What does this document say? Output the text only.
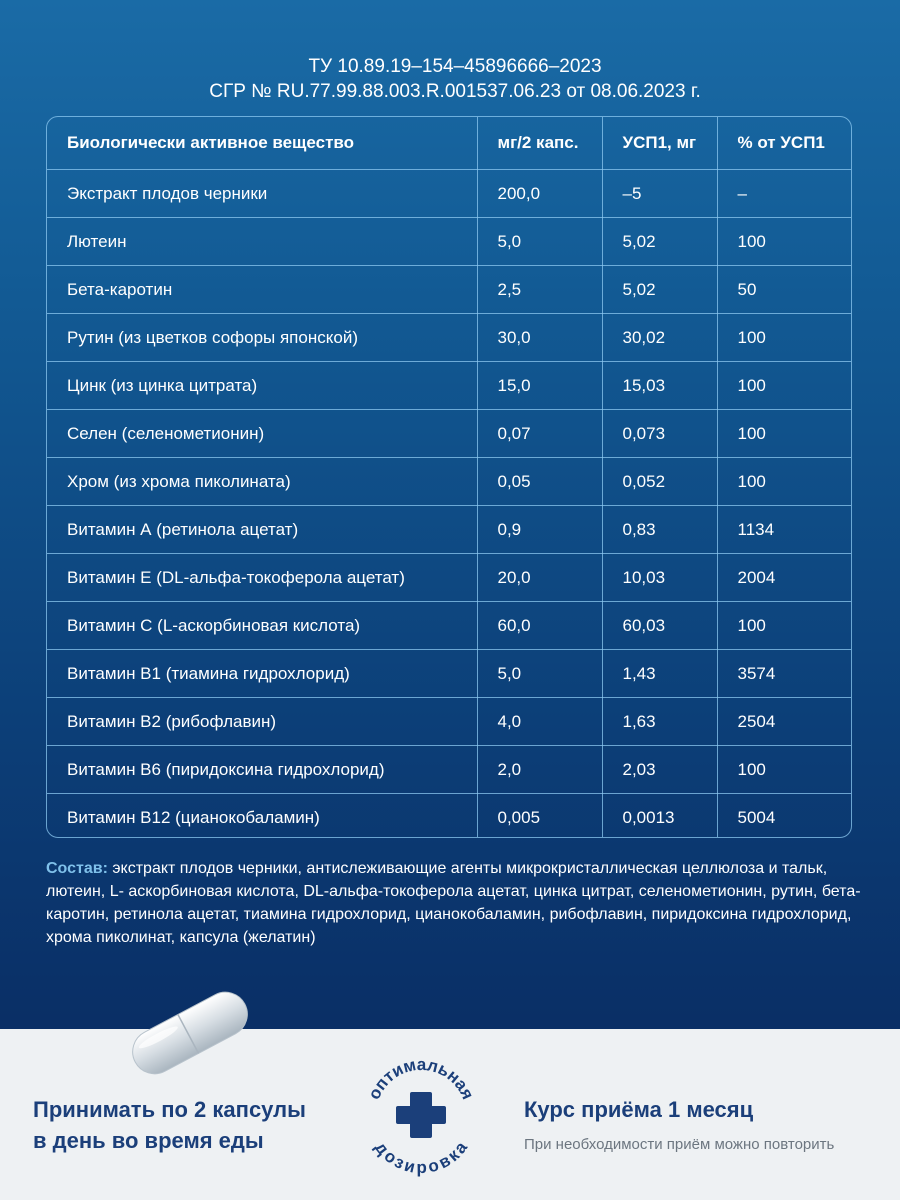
ТУ 10.89.19–154–45896666–2023
СГР № RU.77.99.88.003.R.001537.06.23 от 08.06.2023 г.
Биологически активное вещество	мг/2 капс.	УСП1, мг	% от УСП1
Экстракт плодов черники	200,0	–5	–
Лютеин	5,0	5,02	100
Бета-каротин	2,5	5,02	50
Рутин (из цветков софоры японской)	30,0	30,02	100
Цинк (из цинка цитрата)	15,0	15,03	100
Селен (селенометионин)	0,07	0,073	100
Хром (из хрома пиколината)	0,05	0,052	100
Витамин А (ретинола ацетат)	0,9	0,83	1134
Витамин Е (DL-альфа-токоферола ацетат)	20,0	10,03	2004
Витамин С (L-аскорбиновая кислота)	60,0	60,03	100
Витамин В1 (тиамина гидрохлорид)	5,0	1,43	3574
Витамин В2 (рибофлавин)	4,0	1,63	2504
Витамин В6 (пиридоксина гидрохлорид)	2,0	2,03	100
Витамин В12 (цианокобаламин)	0,005	0,0013	5004
Состав: экстракт плодов черники, антислеживающие агенты микрокристаллическая целлюлоза и тальк, лютеин, L- аскорбиновая кислота, DL-альфа-токоферола ацетат, цинка цитрат, селенометионин, рутин, бета-каротин, ретинола ацетат, тиамина гидрохлорид, цианокобаламин, рибофлавин, пиридоксина гидрохлорид, хрома пиколинат, капсула (желатин)
Принимать по 2 капсулы
в день во время еды
оптимальная
дозировка
Курс приёма 1 месяц
При необходимости приём можно повторить
